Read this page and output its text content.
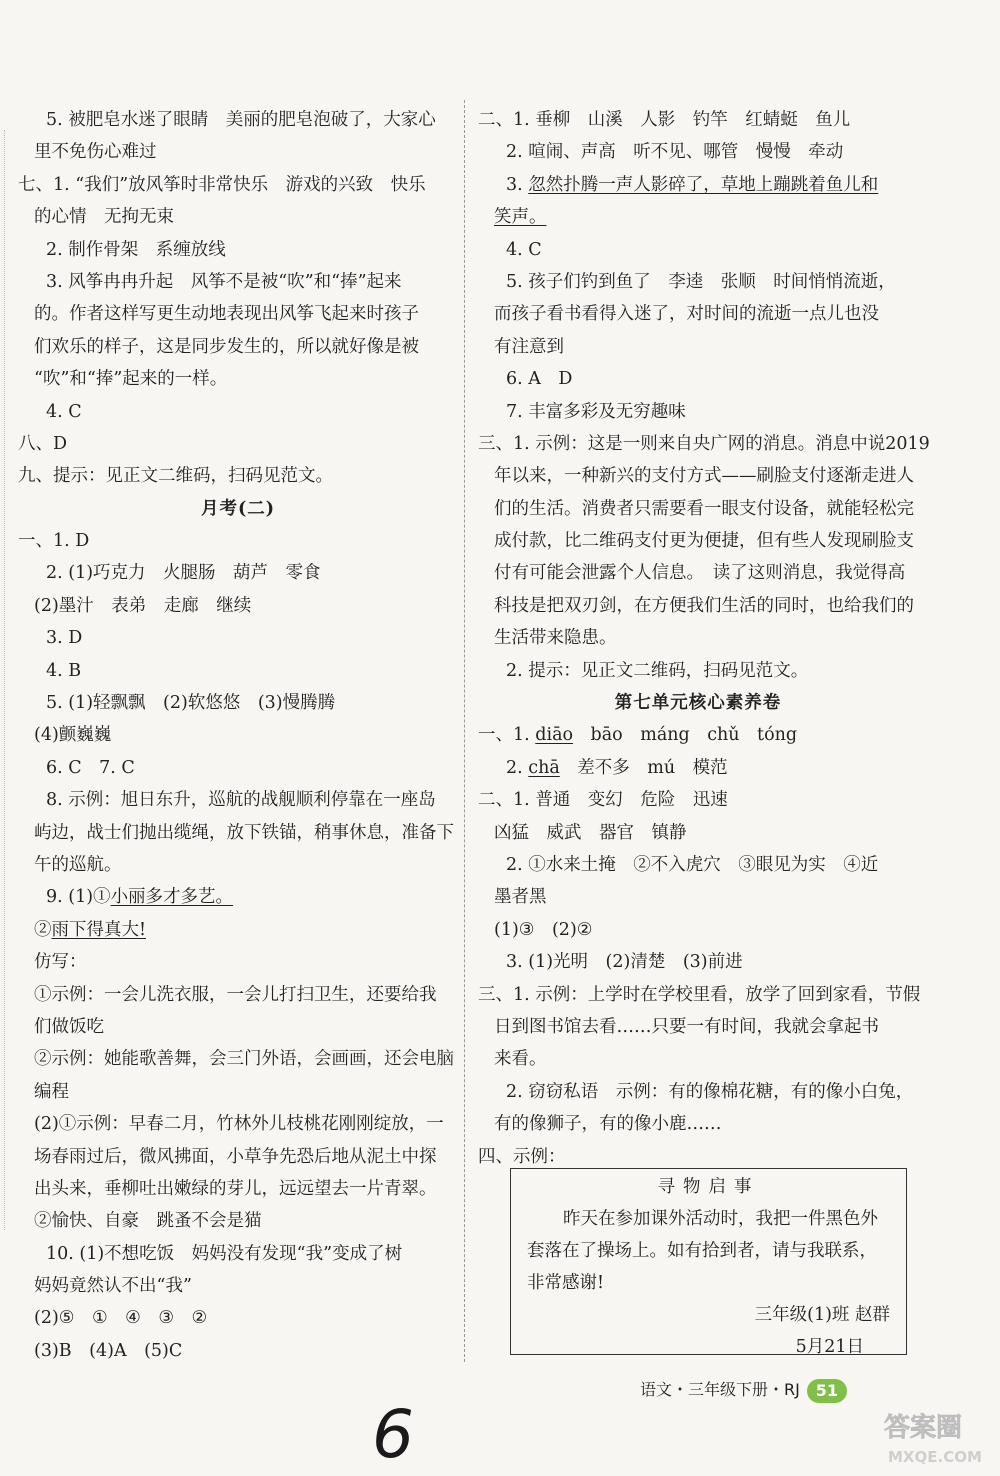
5. 被肥皂水迷了眼睛　美丽的肥皂泡破了，大家心
里不免伤心难过
七、1. “我们”放风筝时非常快乐　游戏的兴致　快乐
的心情　无拘无束
2. 制作骨架　系缠放线
3. 风筝冉冉升起　风筝不是被“吹”和“捧”起来
的。作者这样写更生动地表现出风筝飞起来时孩子
们欢乐的样子，这是同步发生的，所以就好像是被
“吹”和“捧”起来的一样。
4. C
八、D
九、提示：见正文二维码，扫码见范文。
月考(二)
一、1. D
2. (1)巧克力　火腿肠　葫芦　零食
(2)墨汁　表弟　走廊　继续
3. D
4. B
5. (1)轻飘飘　(2)软悠悠　(3)慢腾腾
(4)颤巍巍
6. C　7. C
8. 示例：旭日东升，巡航的战舰顺利停靠在一座岛
屿边，战士们抛出缆绳，放下铁锚，稍事休息，准备下
午的巡航。
9. (1)①小丽多才多艺。
②雨下得真大!
仿写：
①示例：一会儿洗衣服，一会儿打扫卫生，还要给我
们做饭吃
②示例：她能歌善舞，会三门外语，会画画，还会电脑
编程
(2)①示例：早春二月，竹林外儿枝桃花刚刚绽放，一
场春雨过后，微风拂面，小草争先恐后地从泥土中探
出头来，垂柳吐出嫩绿的芽儿，远远望去一片青翠。
②愉快、自豪　跳蚤不会是猫
10. (1)不想吃饭　妈妈没有发现“我”变成了树
妈妈竟然认不出“我”
(2)⑤　①　④　③　②
(3)B　(4)A　(5)C
二、1. 垂柳　山溪　人影　钓竿　红蜻蜓　鱼儿
2. 喧闹、声高　听不见、哪管　慢慢　牵动
3. 忽然扑腾一声人影碎了，草地上蹦跳着鱼儿和
笑声。
4. C
5. 孩子们钓到鱼了　李逵　张顺　时间悄悄流逝，
而孩子看书看得入迷了，对时间的流逝一点儿也没
有注意到
6. A　D
7. 丰富多彩及无穷趣味
三、1. 示例：这是一则来自央广网的消息。消息中说2019
年以来，一种新兴的支付方式——刷脸支付逐渐走进人
们的生活。消费者只需要看一眼支付设备，就能轻松完
成付款，比二维码支付更为便捷，但有些人发现刷脸支
付有可能会泄露个人信息。　读了这则消息，我觉得高
科技是把双刃剑，在方便我们生活的同时，也给我们的
生活带来隐患。
2. 提示：见正文二维码，扫码见范文。
第七单元核心素养卷
一、1. diāo　bāo　máng　chǔ　tóng
2. chā　差不多　mú　模范
二、1. 普通　变幻　危险　迅速
凶猛　威武　器官　镇静
2. ①水来土掩　②不入虎穴　③眼见为实　④近
墨者黑
(1)③　(2)②
3. (1)光明　(2)清楚　(3)前进
三、1. 示例：上学时在学校里看，放学了回到家看，节假
日到图书馆去看……只要一有时间，我就会拿起书
来看。
2. 窃窃私语　示例：有的像棉花糖，有的像小白兔，
有的像狮子，有的像小鹿……
四、示例：
寻物启事
昨天在参加课外活动时，我把一件黑色外套落在了操场上。如有拾到者，请与我联系，非常感谢!
三年级(1)班 赵群
5月21日
语文・三年级下册・RJ 51
6	答案圈
MXQE.COM
